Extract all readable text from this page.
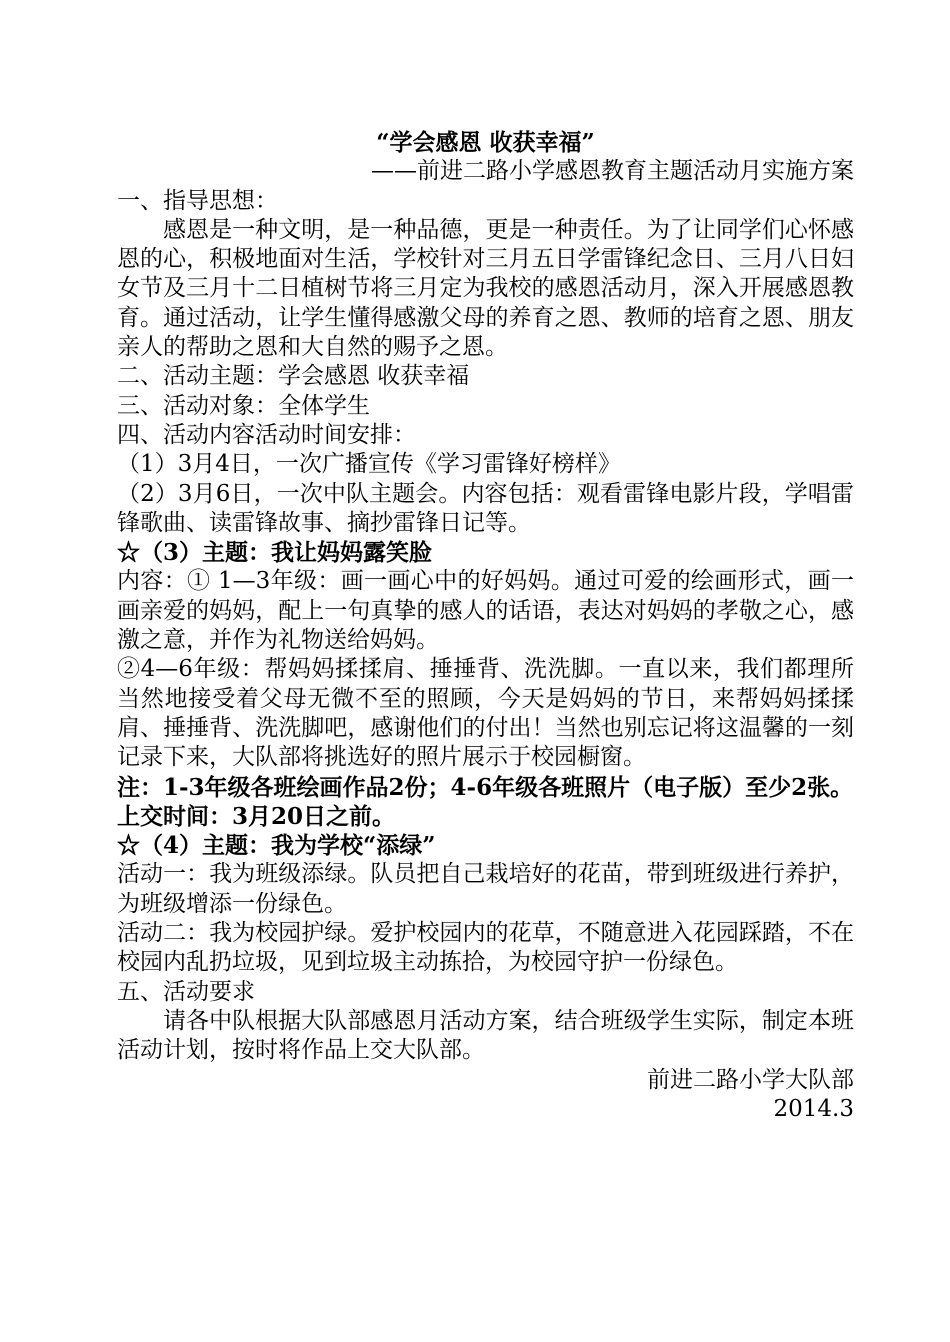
“学会感恩 收获幸福”

——前进二路小学感恩教育主题活动月实施方案

一、指导思想：

感恩是一种文明，是一种品德，更是一种责任。为了让同学们心怀感恩的心，积极地面对生活，学校针对三月五日学雷锋纪念日、三月八日妇女节及三月十二日植树节将三月定为我校的感恩活动月，深入开展感恩教育。通过活动，让学生懂得感激父母的养育之恩、教师的培育之恩、朋友亲人的帮助之恩和大自然的赐予之恩。

二、活动主题：学会感恩 收获幸福

三、活动对象：全体学生

四、活动内容活动时间安排：

（1）3月4日，一次广播宣传《学习雷锋好榜样》

（2）3月6日，一次中队主题会。内容包括：观看雷锋电影片段，学唱雷锋歌曲、读雷锋故事、摘抄雷锋日记等。

☆（3）主题：我让妈妈露笑脸

内容：① 1—3年级：画一画心中的好妈妈。通过可爱的绘画形式，画一画亲爱的妈妈，配上一句真挚的感人的话语，表达对妈妈的孝敬之心，感激之意，并作为礼物送给妈妈。

②4—6年级：帮妈妈揉揉肩、捶捶背、洗洗脚。一直以来，我们都理所当然地接受着父母无微不至的照顾，今天是妈妈的节日，来帮妈妈揉揉肩、捶捶背、洗洗脚吧，感谢他们的付出！当然也别忘记将这温馨的一刻记录下来，大队部将挑选好的照片展示于校园橱窗。

注：1-3年级各班绘画作品2份；4-6年级各班照片（电子版）至少2张。

上交时间：3月20日之前。

☆（4）主题：我为学校“添绿”

活动一：我为班级添绿。队员把自己栽培好的花苗，带到班级进行养护，为班级增添一份绿色。

活动二：我为校园护绿。爱护校园内的花草，不随意进入花园踩踏，不在校园内乱扔垃圾，见到垃圾主动拣拾，为校园守护一份绿色。

五、活动要求

请各中队根据大队部感恩月活动方案，结合班级学生实际，制定本班活动计划，按时将作品上交大队部。

前进二路小学大队部

2014.3
